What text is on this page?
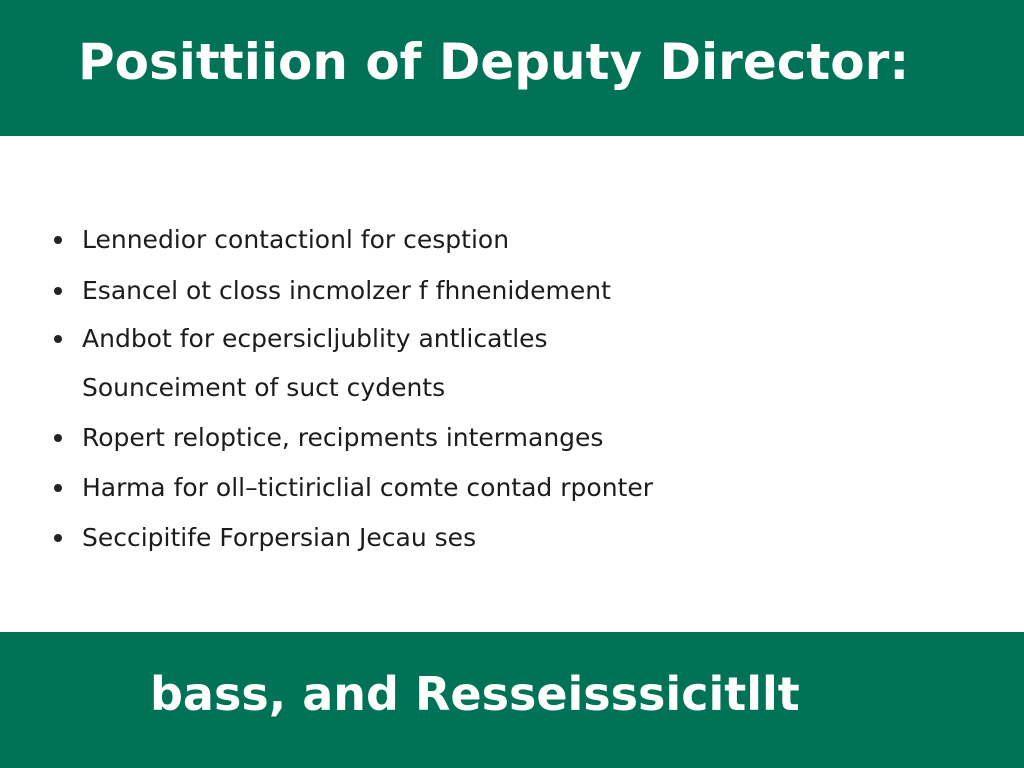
Posittiion of Deputy Director:
Lennedior contactionl for cesption
Esancel ot closs incmolzer f fhnenidement
Andbot for ecpersicljublity antlicatles
Sounceiment of suct cydents
Ropert reloptice, recipments intermanges
Harma for oll–tictiriclial comte contad rponter
Seccipitife Forpersian Jecau ses

bass, and Resseisssicitllt
